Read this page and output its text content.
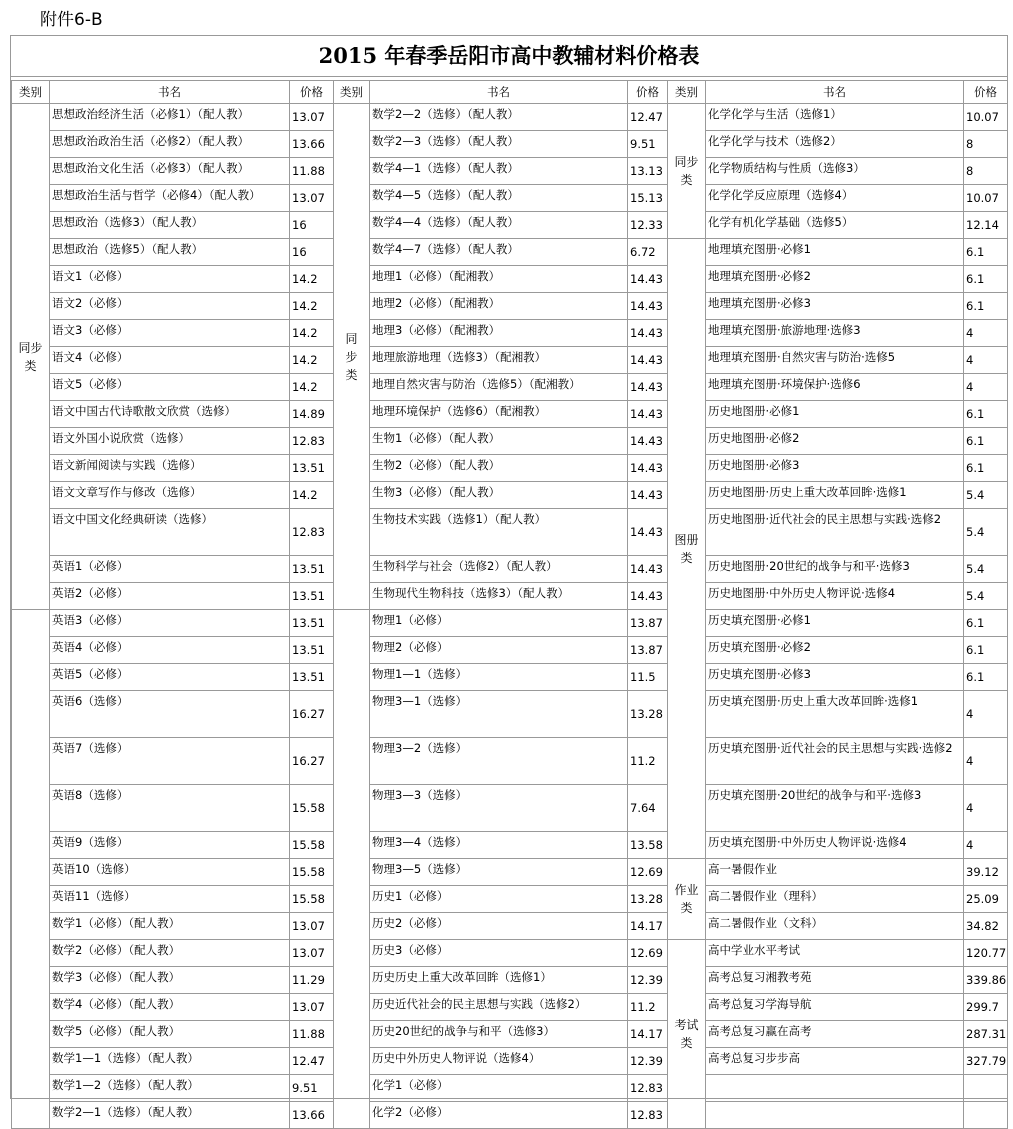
附件6-B
2015 年春季岳阳市高中教辅材料价格表
类别	书名	价格	类别	书名	价格	类别	书名	价格

同步类	思想政治经济生活（必修1）（配人教）	13.07	同步类	数学2—2（选修）（配人教）	12.47	同步类	化学化学与生活（选修1）	10.07
	思想政治政治生活（必修2）（配人教）	13.66		数学2—3（选修）（配人教）	9.51		化学化学与技术（选修2）	8
	思想政治文化生活（必修3）（配人教）	11.88		数学4—1（选修）（配人教）	13.13		化学物质结构与性质（选修3）	8
	思想政治生活与哲学（必修4）（配人教）	13.07		数学4—5（选修）（配人教）	15.13		化学化学反应原理（选修4）	10.07
	思想政治（选修3）（配人教）	16		数学4—4（选修）（配人教）	12.33		化学有机化学基础（选修5）	12.14
	思想政治（选修5）（配人教）	16		数学4—7（选修）（配人教）	6.72	图册类	地理填充图册·必修1	6.1
	语文1（必修）	14.2		地理1（必修）（配湘教）	14.43		地理填充图册·必修2	6.1
	语文2（必修）	14.2		地理2（必修）（配湘教）	14.43		地理填充图册·必修3	6.1
	语文3（必修）	14.2		地理3（必修）（配湘教）	14.43		地理填充图册·旅游地理·选修3	4
	语文4（必修）	14.2		地理旅游地理（选修3）（配湘教）	14.43		地理填充图册·自然灾害与防治·选修5	4
	语文5（必修）	14.2		地理自然灾害与防治（选修5）（配湘教）	14.43		地理填充图册·环境保护·选修6	4
	语文中国古代诗歌散文欣赏（选修）	14.89		地理环境保护（选修6）（配湘教）	14.43		历史地图册·必修1	6.1
	语文外国小说欣赏（选修）	12.83		生物1（必修）（配人教）	14.43		历史地图册·必修2	6.1
	语文新闻阅读与实践（选修）	13.51		生物2（必修）（配人教）	14.43		历史地图册·必修3	6.1
	语文文章写作与修改（选修）	14.2		生物3（必修）（配人教）	14.43		历史地图册·历史上重大改革回眸·选修1	5.4
	语文中国文化经典研读（选修）	12.83		生物技术实践（选修1）（配人教）	14.43		历史地图册·近代社会的民主思想与实践·选修2	5.4
	英语1（必修）	13.51		生物科学与社会（选修2）（配人教）	14.43		历史地图册·20世纪的战争与和平·选修3	5.4
	英语2（必修）	13.51		生物现代生物科技（选修3）（配人教）	14.43		历史地图册·中外历史人物评说·选修4	5.4
	英语3（必修）	13.51		物理1（必修）	13.87		历史填充图册·必修1	6.1
	英语4（必修）	13.51		物理2（必修）	13.87		历史填充图册·必修2	6.1
	英语5（必修）	13.51		物理1—1（选修）	11.5		历史填充图册·必修3	6.1
	英语6（选修）	16.27		物理3—1（选修）	13.28		历史填充图册·历史上重大改革回眸·选修1	4
	英语7（选修）	16.27		物理3—2（选修）	11.2		历史填充图册·近代社会的民主思想与实践·选修2	4
	英语8（选修）	15.58		物理3—3（选修）	7.64		历史填充图册·20世纪的战争与和平·选修3	4
	英语9（选修）	15.58		物理3—4（选修）	13.58		历史填充图册·中外历史人物评说·选修4	4
	英语10（选修）	15.58		物理3—5（选修）	12.69	作业类	高一暑假作业	39.12
	英语11（选修）	15.58		历史1（必修）	13.28		高二暑假作业（理科）	25.09
	数学1（必修）（配人教）	13.07		历史2（必修）	14.17		高二暑假作业（文科）	34.82
	数学2（必修）（配人教）	13.07		历史3（必修）	12.69	考试类	高中学业水平考试	120.77
	数学3（必修）（配人教）	11.29		历史历史上重大改革回眸（选修1）	12.39		高考总复习湘教考苑	339.86
	数学4（必修）（配人教）	13.07		历史近代社会的民主思想与实践（选修2）	11.2		高考总复习学海导航	299.7
	数学5（必修）（配人教）	11.88		历史20世纪的战争与和平（选修3）	14.17		高考总复习赢在高考	287.31
	数学1—1（选修）（配人教）	12.47		历史中外历史人物评说（选修4）	12.39		高考总复习步步高	327.79
	数学1—2（选修）（配人教）	9.51		化学1（必修）	12.83			
	数学2—1（选修）（配人教）	13.66		化学2（必修）	12.83			
